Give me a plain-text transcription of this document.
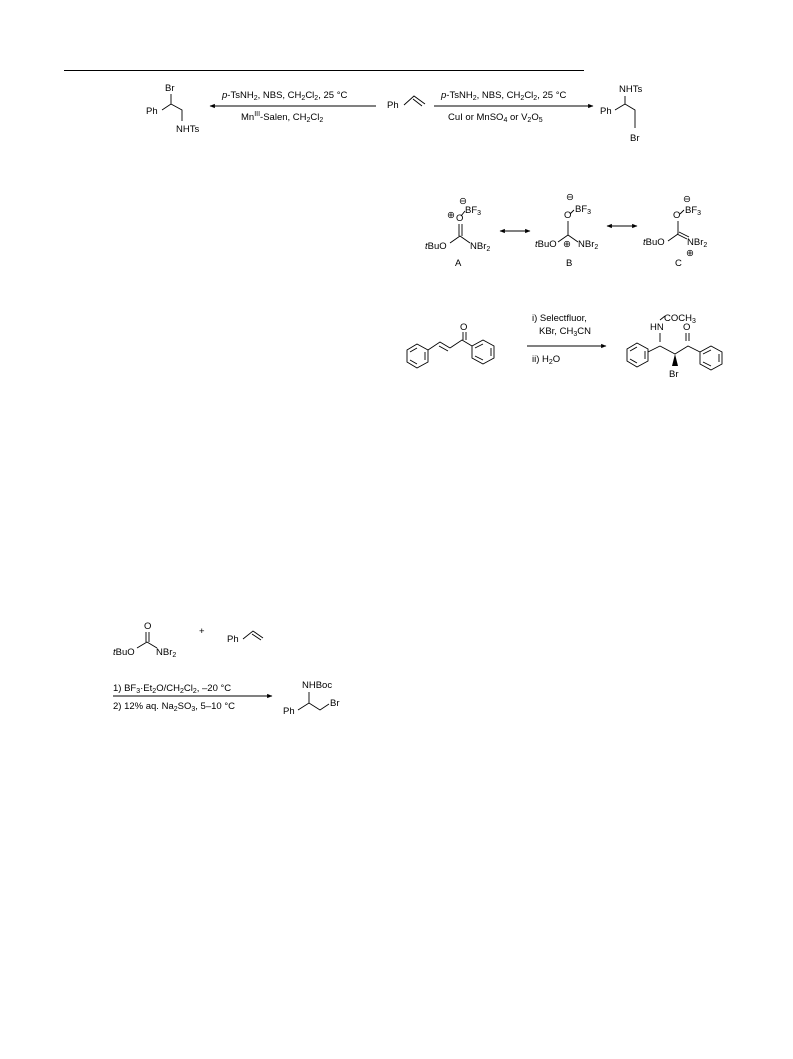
Br
Ph
NHTs
p-TsNH$_2$, NBS, $CH_2Cl_2$, 25 °C
$Mn^{III}$-Salen, $CH_2Cl_2$
Ph
p-TsNH$_2$, NBS, $CH_2Cl_2$, 25 °C
CuI or MnSO$_4$ or $V_2O_5$
NHTs
Ph
Br
⊕ O
⊖
$BF_3$
tBuO NBr$_2$
A
⊖
O
$BF_3$
tBuO ⊕ NBr$_2$
B
⊖
O $BF_3$
tBuO NBr$_2$
⊕
C
O
i) Selectfluor,
KBr, $CH_3CN$
ii) $H_2O$
$COCH_3$
HN O
Br
O
tBuO NBr$_2$
+
Ph
1) $BF_3\cdot Et_2O/CH_2Cl_2$, –20 °C
2) 12% aq. $Na_2SO_3$, 5–10 °C
NHBoc
Ph
Br
